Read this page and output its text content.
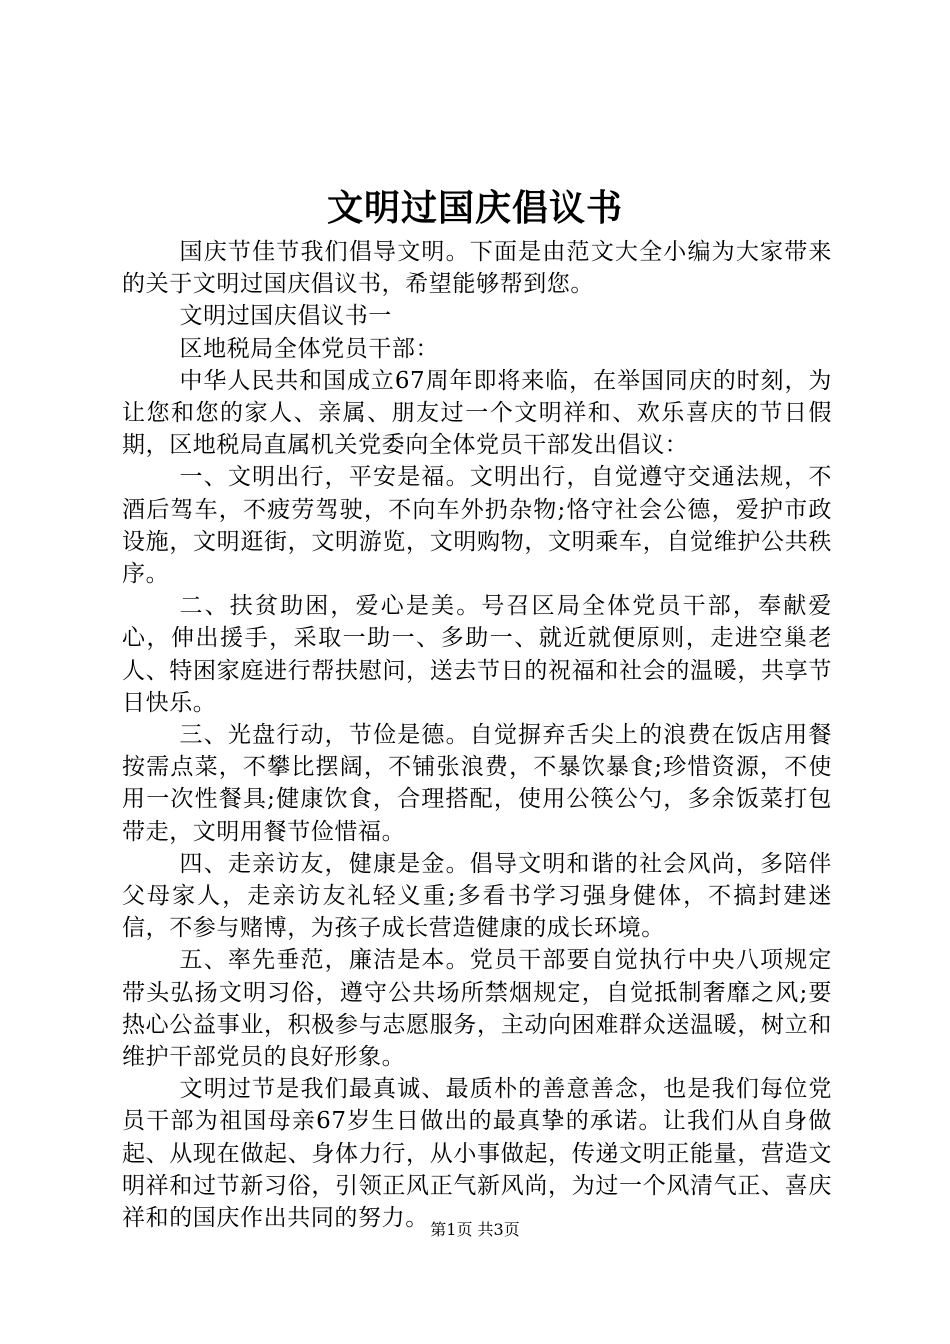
文明过国庆倡议书

国庆节佳节我们倡导文明。下面是由范文大全小编为大家带来的关于文明过国庆倡议书，希望能够帮到您。

文明过国庆倡议书一

区地税局全体党员干部：

中华人民共和国成立67周年即将来临，在举国同庆的时刻，为让您和您的家人、亲属、朋友过一个文明祥和、欢乐喜庆的节日假期，区地税局直属机关党委向全体党员干部发出倡议：

一、文明出行，平安是福。文明出行，自觉遵守交通法规，不酒后驾车，不疲劳驾驶，不向车外扔杂物;恪守社会公德，爱护市政设施，文明逛街，文明游览，文明购物，文明乘车，自觉维护公共秩序。

二、扶贫助困，爱心是美。号召区局全体党员干部，奉献爱心，伸出援手，采取一助一、多助一、就近就便原则，走进空巢老人、特困家庭进行帮扶慰问，送去节日的祝福和社会的温暖，共享节日快乐。

三、光盘行动，节俭是德。自觉摒弃舌尖上的浪费在饭店用餐按需点菜，不攀比摆阔，不铺张浪费，不暴饮暴食;珍惜资源，不使用一次性餐具;健康饮食，合理搭配，使用公筷公勺，多余饭菜打包带走，文明用餐节俭惜福。

四、走亲访友，健康是金。倡导文明和谐的社会风尚，多陪伴父母家人，走亲访友礼轻义重;多看书学习强身健体，不搞封建迷信，不参与赌博，为孩子成长营造健康的成长环境。

五、率先垂范，廉洁是本。党员干部要自觉执行中央八项规定带头弘扬文明习俗，遵守公共场所禁烟规定，自觉抵制奢靡之风;要热心公益事业，积极参与志愿服务，主动向困难群众送温暖，树立和维护干部党员的良好形象。

文明过节是我们最真诚、最质朴的善意善念，也是我们每位党员干部为祖国母亲67岁生日做出的最真挚的承诺。让我们从自身做起、从现在做起、身体力行，从小事做起，传递文明正能量，营造文明祥和过节新习俗，引领正风正气新风尚，为过一个风清气正、喜庆祥和的国庆作出共同的努力。 第1页 共3页
